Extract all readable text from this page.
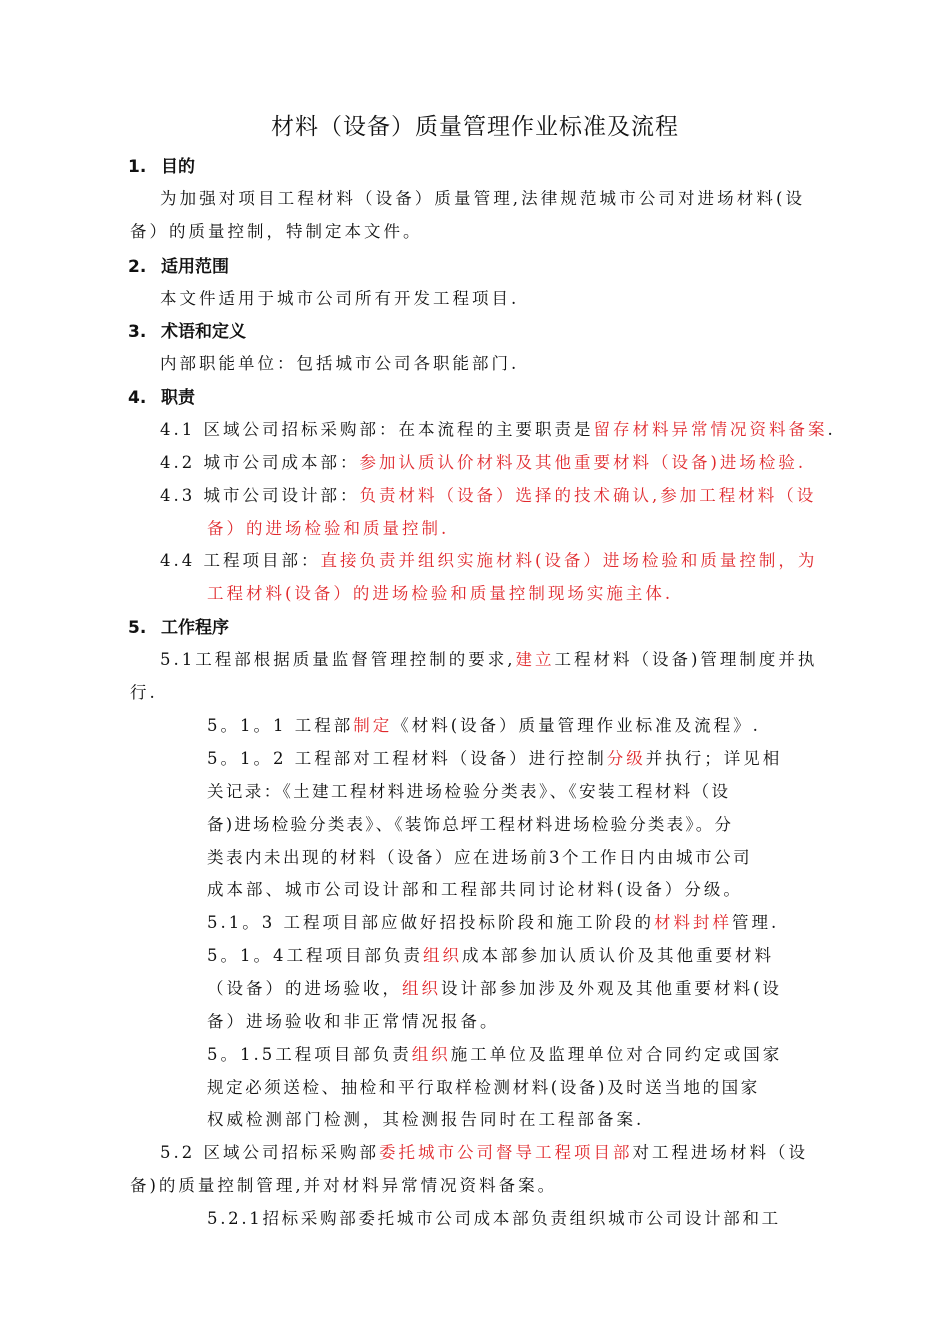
材料（设备）质量管理作业标准及流程
1. 目的
为加强对项目工程材料（设备）质量管理,法律规范城市公司对进场材料(设
备）的质量控制，特制定本文件。
2. 适用范围
本文件适用于城市公司所有开发工程项目.
3. 术语和定义
内部职能单位：包括城市公司各职能部门.
4. 职责
4.1 区域公司招标采购部：在本流程的主要职责是留存材料异常情况资料备案.
4.2 城市公司成本部：参加认质认价材料及其他重要材料（设备)进场检验.
4.3 城市公司设计部：负责材料（设备）选择的技术确认,参加工程材料（设
备）的进场检验和质量控制.
4.4 工程项目部：直接负责并组织实施材料(设备）进场检验和质量控制，为
工程材料(设备）的进场检验和质量控制现场实施主体.
5. 工作程序
5.1工程部根据质量监督管理控制的要求,建立工程材料（设备)管理制度并执
行.
5。1。1 工程部制定《材料(设备）质量管理作业标准及流程》.
5。1。2 工程部对工程材料（设备）进行控制分级并执行；详见相
关记录：《土建工程材料进场检验分类表》、《安装工程材料（设
备)进场检验分类表》、《装饰总坪工程材料进场检验分类表》。分
类表内未出现的材料（设备）应在进场前3个工作日内由城市公司
成本部、城市公司设计部和工程部共同讨论材料(设备）分级。
5.1。3 工程项目部应做好招投标阶段和施工阶段的材料封样管理.
5。1。4工程项目部负责组织成本部参加认质认价及其他重要材料
（设备）的进场验收，组织设计部参加涉及外观及其他重要材料(设
备）进场验收和非正常情况报备。
5。1.5工程项目部负责组织施工单位及监理单位对合同约定或国家
规定必须送检、抽检和平行取样检测材料(设备)及时送当地的国家
权威检测部门检测，其检测报告同时在工程部备案.
5.2 区域公司招标采购部委托城市公司督导工程项目部对工程进场材料（设
备)的质量控制管理,并对材料异常情况资料备案。
5.2.1招标采购部委托城市公司成本部负责组织城市公司设计部和工
